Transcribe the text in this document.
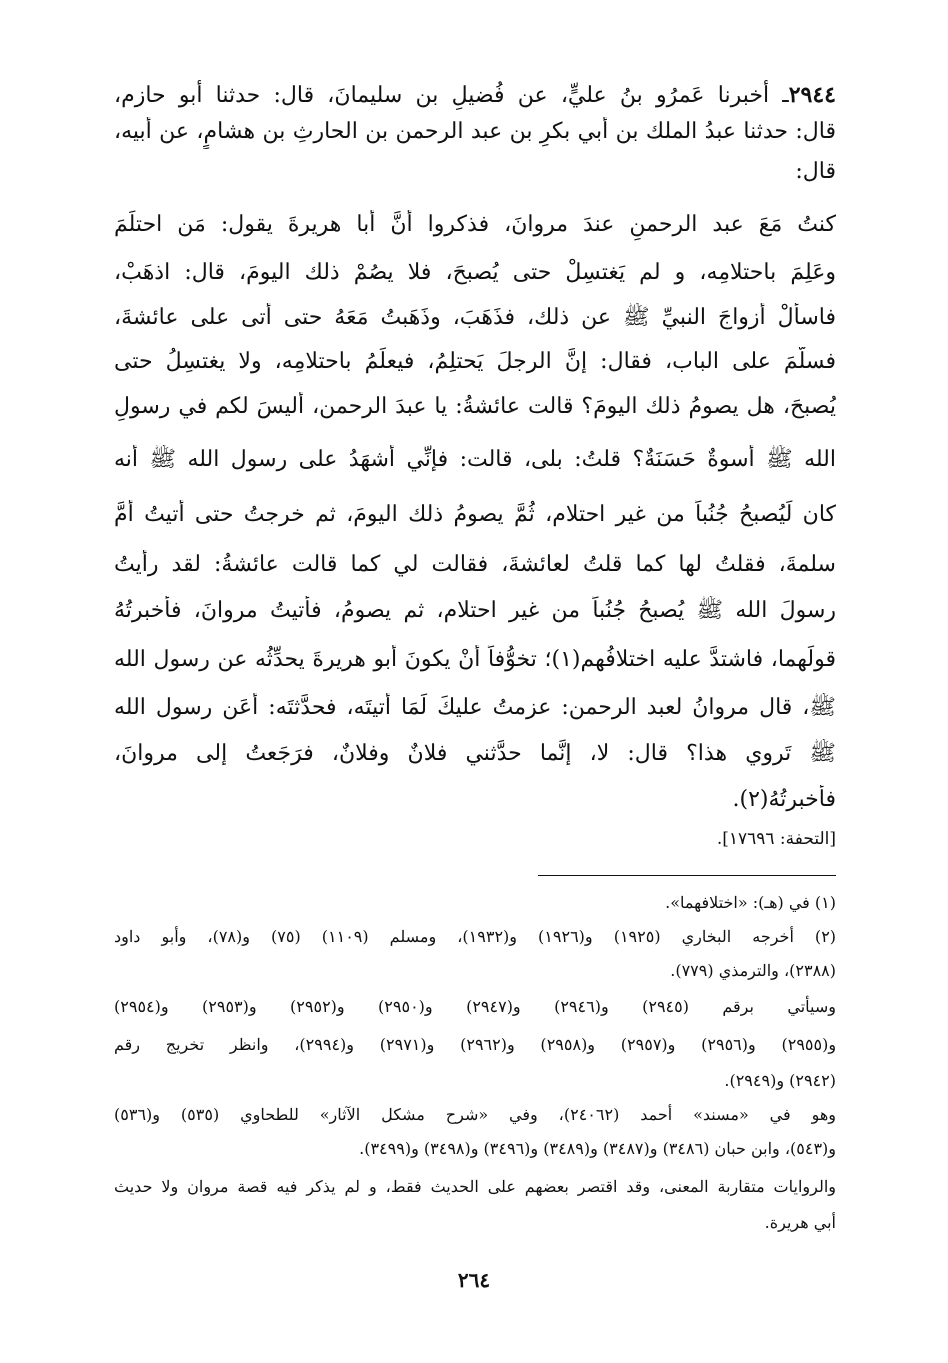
٢٩٤٤ـ أخبرنا عَمرُو بنُ عليٍّ، عن فُضيلِ بن سليمانَ، قال: حدثنا أبو حازم،
قال: حدثنا عبدُ الملك بن أبي بكرِ بن عبد الرحمن بن الحارثِ بن هشامٍ، عن أبيه،
قال:
كنتُ مَعَ عبد الرحمنِ عندَ مروانَ، فذكروا أنَّ أبا هريرةَ يقول: مَن احتلَمَ
وعَلِمَ باحتلامِه، و لم يَغتسِلْ حتى يُصبحَ، فلا يصُمْ ذلك اليومَ، قال: اذهَبْ،
فاسألْ أزواجَ النبيِّ ﷺ عن ذلك، فذَهَبَ، وذَهَبتُ مَعَهُ حتى أتى على عائشةَ،
فسلَّمَ على الباب، فقال: إنَّ الرجلَ يَحتلِمُ، فيعلَمُ باحتلامِه، ولا يغتسِلُ حتى
يُصبحَ، هل يصومُ ذلك اليومَ؟ قالت عائشةُ: يا عبدَ الرحمن، أليسَ لكم في رسولِ
الله ﷺ أُسوةٌ حَسَنَةٌ؟ قلتُ: بلى، قالت: فإنِّي أَشهَدُ على رسول الله ﷺ أنه
كان لَيُصبحُ جُنُباً من غير احتلام، ثُمَّ يصومُ ذلك اليومَ، ثم خرجتُ حتى أتيتُ أُمَّ
سلمةَ، فقلتُ لها كما قلتُ لعائشةَ، فقالت لي كما قالت عائشةُ: لقد رأيتُ
رسولَ الله ﷺ يُصبحُ جُنُباً من غير احتلام، ثم يصومُ، فأتيتُ مروانَ، فأخبرتُهُ
قولَهما، فاشتدَّ عليه اختلافُهم(١)؛ تخوُّفاً أنْ يكونَ أبو هريرةَ يحدِّثُه عن رسول الله
ﷺ، قال مروانُ لعبد الرحمن: عزمتُ عليكَ لَمَا أتيتَه، فحدَّثتَه: أعَن رسول الله
ﷺ تَروي هذا؟ قال: لا، إنَّما حدَّثني فلانٌ وفلانٌ، فرَجَعتُ إلى مروانَ،
فأخبرتُهُ(٢).
[التحفة: ١٧٦٩٦].
(١) في (هـ): «اختلافهما».
(٢) أخرجه البخاري (١٩٢٥) و(١٩٢٦) و(١٩٣٢)، ومسلم (١١٠٩) (٧٥) و(٧٨)، وأبو داود
(٢٣٨٨)، والترمذي (٧٧٩).
وسيأتي برقم (٢٩٤٥) و(٢٩٤٦) و(٢٩٤٧) و(٢٩٥٠) و(٢٩٥٢) و(٢٩٥٣) و(٢٩٥٤)
و(٢٩٥٥) و(٢٩٥٦) و(٢٩٥٧) و(٢٩٥٨) و(٢٩٦٢) و(٢٩٧١) و(٢٩٩٤)، وانظر تخريج رقم
(٢٩٤٢) و(٢٩٤٩).
وهو في «مسند» أحمد (٢٤٠٦٢)، وفي «شرح مشكل الآثار» للطحاوي (٥٣٥) و(٥٣٦)
و(٥٤٣)، وابن حبان (٣٤٨٦) و(٣٤٨٧) و(٣٤٨٩) و(٣٤٩٦) و(٣٤٩٨) و(٣٤٩٩).
والروايات متقاربة المعنى، وقد اقتصر بعضهم على الحديث فقط، و لم يذكر فيه قصة مروان ولا حديث
أبي هريرة.
٢٦٤
